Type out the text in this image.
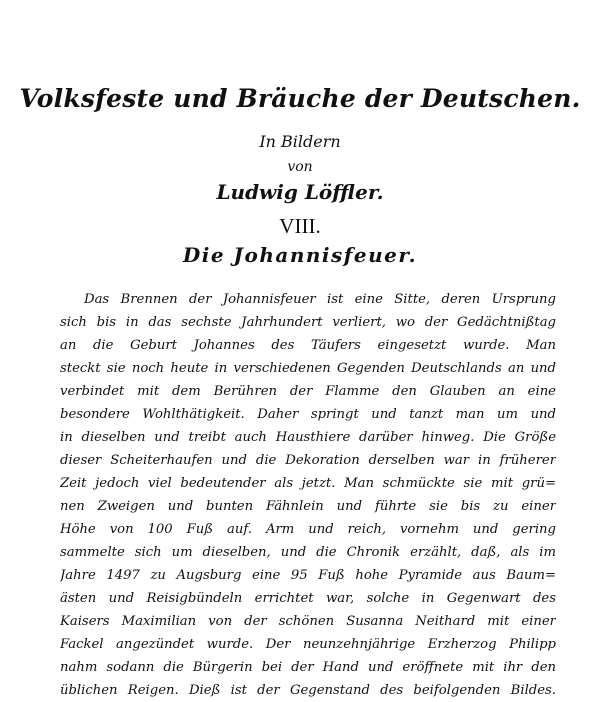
Volksfeste und Bräuche der Deutschen.
In Bildern
von
Ludwig Löffler.
VIII.
Die Johannisfeuer.
Das Brennen der Johannisfeuer ist eine Sitte, deren Ursprung
sich bis in das sechste Jahrhundert verliert, wo der Gedächtnißtag
an die Geburt Johannes des Täufers eingesetzt wurde. Man
steckt sie noch heute in verschiedenen Gegenden Deutschlands an und
verbindet mit dem Berühren der Flamme den Glauben an eine
besondere Wohlthätigkeit. Daher springt und tanzt man um und
in dieselben und treibt auch Hausthiere darüber hinweg. Die Größe
dieser Scheiterhaufen und die Dekoration derselben war in früherer
Zeit jedoch viel bedeutender als jetzt. Man schmückte sie mit grü=
nen Zweigen und bunten Fähnlein und führte sie bis zu einer
Höhe von 100 Fuß auf. Arm und reich, vornehm und gering
sammelte sich um dieselben, und die Chronik erzählt, daß, als im
Jahre 1497 zu Augsburg eine 95 Fuß hohe Pyramide aus Baum=
ästen und Reisigbündeln errichtet war, solche in Gegenwart des
Kaisers Maximilian von der schönen Susanna Neithard mit einer
Fackel angezündet wurde. Der neunzehnjährige Erzherzog Philipp
nahm sodann die Bürgerin bei der Hand und eröffnete mit ihr den
üblichen Reigen. Dieß ist der Gegenstand des beifolgenden Bildes.
